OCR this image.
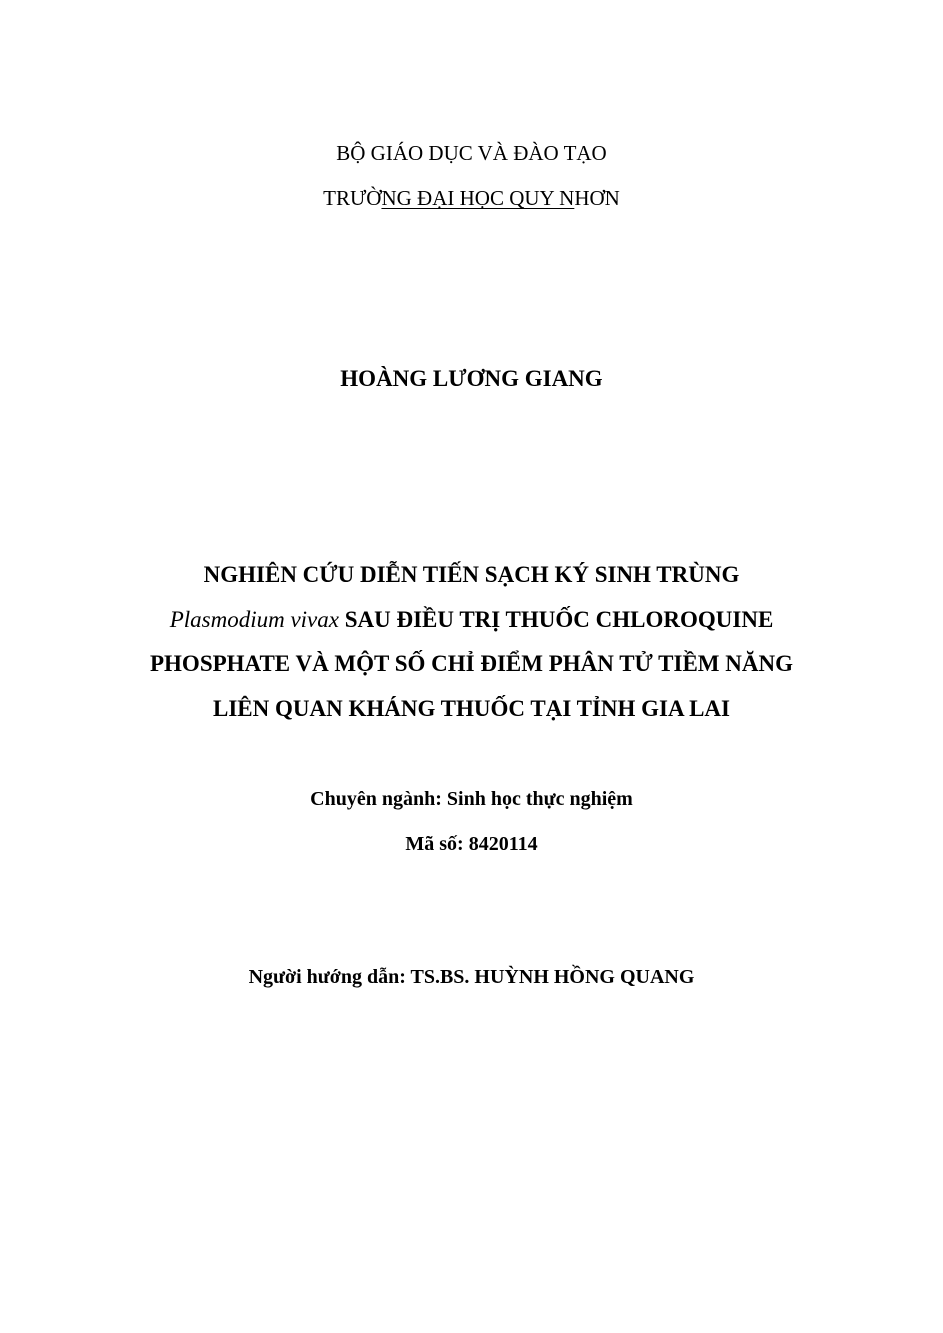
BỘ GIÁO DỤC VÀ ĐÀO TẠO
TRƯỜNG ĐẠI HỌC QUY NHƠN
HOÀNG LƯƠNG GIANG
NGHIÊN CỨU DIỄN TIẾN SẠCH KÝ SINH TRÙNG
Plasmodium vivax SAU ĐIỀU TRỊ THUỐC CHLOROQUINE
PHOSPHATE VÀ MỘT SỐ CHỈ ĐIỂM PHÂN TỬ TIỀM NĂNG
LIÊN QUAN KHÁNG THUỐC TẠI TỈNH GIA LAI
Chuyên ngành: Sinh học thực nghiệm
Mã số: 8420114
Người hướng dẫn: TS.BS. HUỲNH HỒNG QUANG
